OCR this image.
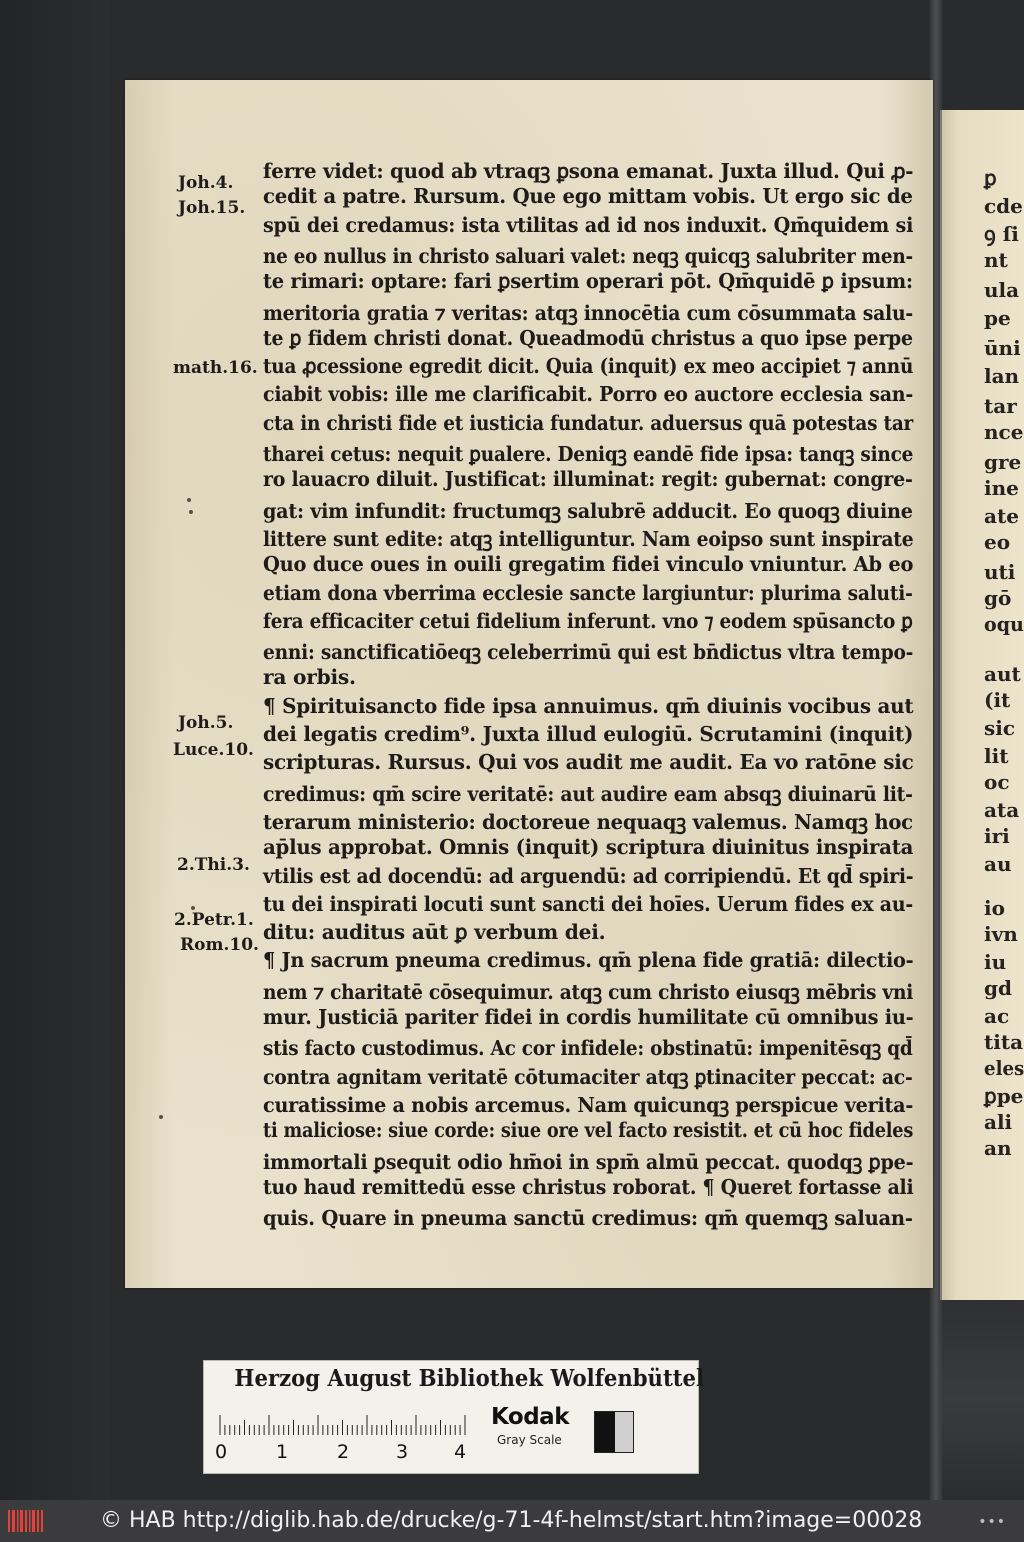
ꝑ
cde
ꝯ ſi
nt
ula
pe
ūni
lan
tar
nce
gre
ine
ate
eo
uti
gō
oqu
aut
(it
sic
lit
oc
ata
iri
au
io
ivn
iu
gd
ac
tita
eles
ꝑpe
ali
an
ferre videt: quod ab vtraqꝫ ꝑsona emanat. Juxta illud. Qui ꝓ-
cedit a patre. Rursum. Que ego mittam vobis. Ut ergo sic de
spū dei credamus: ista vtilitas ad id nos induxit. Qm̄quidem si
ne eo nullus in christo saluari valet: neqꝫ quicqꝫ salubriter men-
te rimari: optare: fari ꝑsertim operari pōt. Qm̄quidē ꝑ ipsum:
meritoria gratia ⁊ veritas: atqꝫ innocētia cum cōsummata salu-
te ꝑ fidem christi donat. Queadmodū christus a quo ipse perpe
tua ꝓcessione egredit dicit. Quia (inquit) ex meo accipiet ⁊ annū
ciabit vobis: ille me clarificabit. Porro eo auctore ecclesia san-
cta in christi fide et iusticia fundatur. aduersus quā potestas tar
tharei cetus: nequit ꝑualere. Deniqꝫ eandē fide ipsa: tanqꝫ since
ro lauacro diluit. Justificat: illuminat: regit: gubernat: congre-
gat: vim infundit: fructumqꝫ salubrē adducit. Eo quoqꝫ diuine
littere sunt edite: atqꝫ intelliguntur. Nam eoipso sunt inspirate
Quo duce oues in ouili gregatim fidei vinculo vniuntur. Ab eo
etiam dona vberrima ecclesie sancte largiuntur: plurima saluti-
fera efficaciter cetui fidelium inferunt. vno ⁊ eodem spūsancto ꝑ
enni: sanctificatiōeqꝫ celeberrimū qui est bn̄dictus vltra tempo-
ra orbis.
¶ Spirituisancto fide ipsa annuimus. qm̄ diuinis vocibus aut
dei legatis credim⁹. Juxta illud eulogiū. Scrutamini (inquit)
scripturas. Rursus. Qui vos audit me audit. Ea vo ratōne sic
credimus: qm̄ scire veritatē: aut audire eam absqꝫ diuinarū lit-
terarum ministerio: doctoreue nequaqꝫ valemus. Namqꝫ hoc
ap̄lus approbat. Omnis (inquit) scriptura diuinitus inspirata
vtilis est ad docendū: ad arguendū: ad corripiendū. Et qd̄ spiri-
tu dei inspirati locuti sunt sancti dei hoīes. Uerum fides ex au-
ditu: auditus aūt ꝑ verbum dei.
¶ Jn sacrum pneuma credimus. qm̄ plena fide gratiā: dilectio-
nem ⁊ charitatē cōsequimur. atqꝫ cum christo eiusqꝫ mēbris vni
mur. Justiciā pariter fidei in cordis humilitate cū omnibus iu-
stis facto custodimus. Ac cor infidele: obstinatū: impenitēsqꝫ qd̄
contra agnitam veritatē cōtumaciter atqꝫ ꝑtinaciter peccat: ac-
curatissime a nobis arcemus. Nam quicunqꝫ perspicue verita-
ti maliciose: siue corde: siue ore vel facto resistit. et cū hoc fideles
immortali ꝑsequit odio hm̄oi in spm̄ almū peccat. quodqꝫ ꝑpe-
tuo haud remittedū esse christus roborat. ¶ Queret fortasse ali
quis. Quare in pneuma sanctū credimus: qm̄ quemqꝫ saluan-
Joh.4.
Joh.15.
math.16.
Joh.5.
Luce.10.
2.Thi.3.
2.Petr.1.
Rom.10.
Herzog August Bibliothek Wolfenbüttel
0	1	2 3 4
Kodak
Gray Scale
© HAB http://diglib.hab.de/drucke/g-71-4f-helmst/start.htm?image=00028	•••
